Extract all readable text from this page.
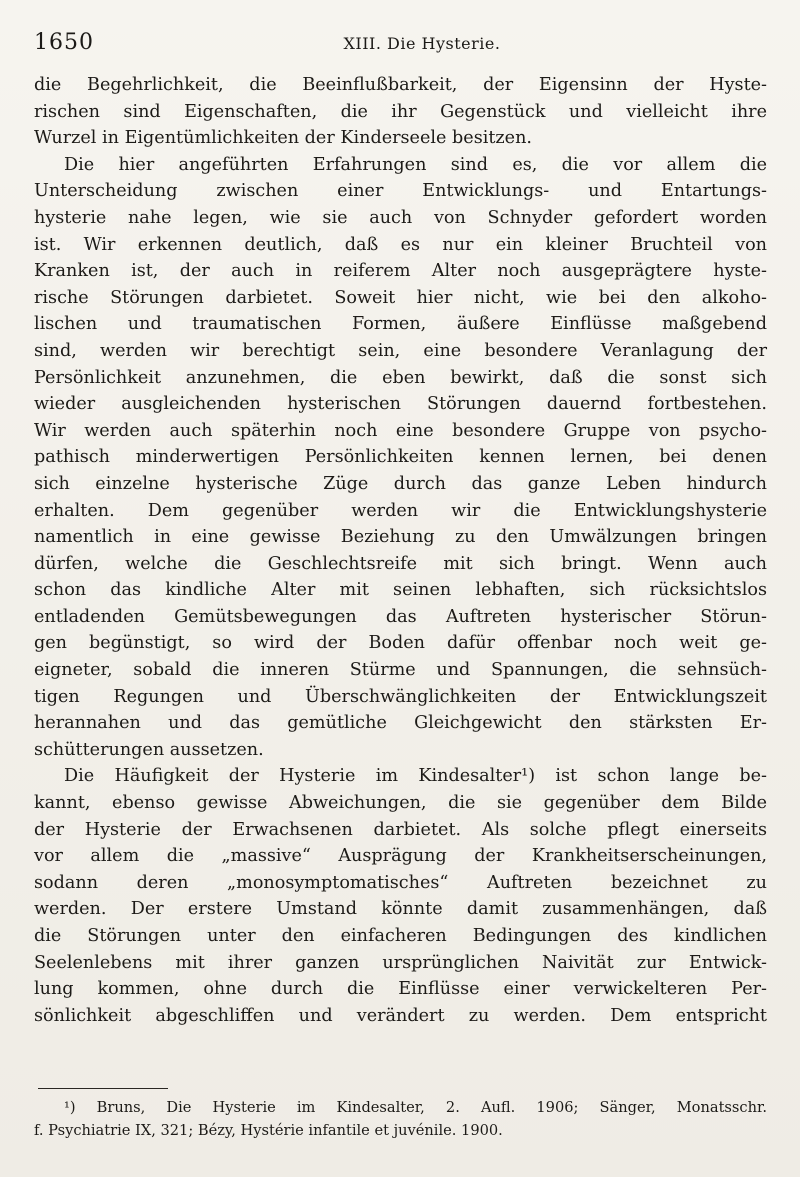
1650	XIII. Die Hysterie.
die Begehrlichkeit, die Beeinflußbarkeit, der Eigensinn der Hyste-
rischen sind Eigenschaften, die ihr Gegenstück und vielleicht ihre
Wurzel in Eigentümlichkeiten der Kinderseele besitzen.
Die hier angeführten Erfahrungen sind es, die vor allem die
Unterscheidung zwischen einer Entwicklungs- und Entartungs-
hysterie nahe legen, wie sie auch von Schnyder gefordert worden
ist. Wir erkennen deutlich, daß es nur ein kleiner Bruchteil von
Kranken ist, der auch in reiferem Alter noch ausgeprägtere hyste-
rische Störungen darbietet. Soweit hier nicht, wie bei den alkoho-
lischen und traumatischen Formen, äußere Einflüsse maßgebend
sind, werden wir berechtigt sein, eine besondere Veranlagung der
Persönlichkeit anzunehmen, die eben bewirkt, daß die sonst sich
wieder ausgleichenden hysterischen Störungen dauernd fortbestehen.
Wir werden auch späterhin noch eine besondere Gruppe von psycho-
pathisch minderwertigen Persönlichkeiten kennen lernen, bei denen
sich einzelne hysterische Züge durch das ganze Leben hindurch
erhalten. Dem gegenüber werden wir die Entwicklungshysterie
namentlich in eine gewisse Beziehung zu den Umwälzungen bringen
dürfen, welche die Geschlechtsreife mit sich bringt. Wenn auch
schon das kindliche Alter mit seinen lebhaften, sich rücksichtslos
entladenden Gemütsbewegungen das Auftreten hysterischer Störun-
gen begünstigt, so wird der Boden dafür offenbar noch weit ge-
eigneter, sobald die inneren Stürme und Spannungen, die sehnsüch-
tigen Regungen und Überschwänglichkeiten der Entwicklungszeit
herannahen und das gemütliche Gleichgewicht den stärksten Er-
schütterungen aussetzen.
Die Häufigkeit der Hysterie im Kindesalter¹) ist schon lange be-
kannt, ebenso gewisse Abweichungen, die sie gegenüber dem Bilde
der Hysterie der Erwachsenen darbietet. Als solche pflegt einerseits
vor allem die „massive“ Ausprägung der Krankheitserscheinungen,
sodann deren „monosymptomatisches“ Auftreten bezeichnet zu
werden. Der erstere Umstand könnte damit zusammenhängen, daß
die Störungen unter den einfacheren Bedingungen des kindlichen
Seelenlebens mit ihrer ganzen ursprünglichen Naivität zur Entwick-
lung kommen, ohne durch die Einflüsse einer verwickelteren Per-
sönlichkeit abgeschliffen und verändert zu werden. Dem entspricht
¹) Bruns, Die Hysterie im Kindesalter, 2. Aufl. 1906; Sänger, Monatsschr.
f. Psychiatrie IX, 321; Bézy, Hystérie infantile et juvénile. 1900.
